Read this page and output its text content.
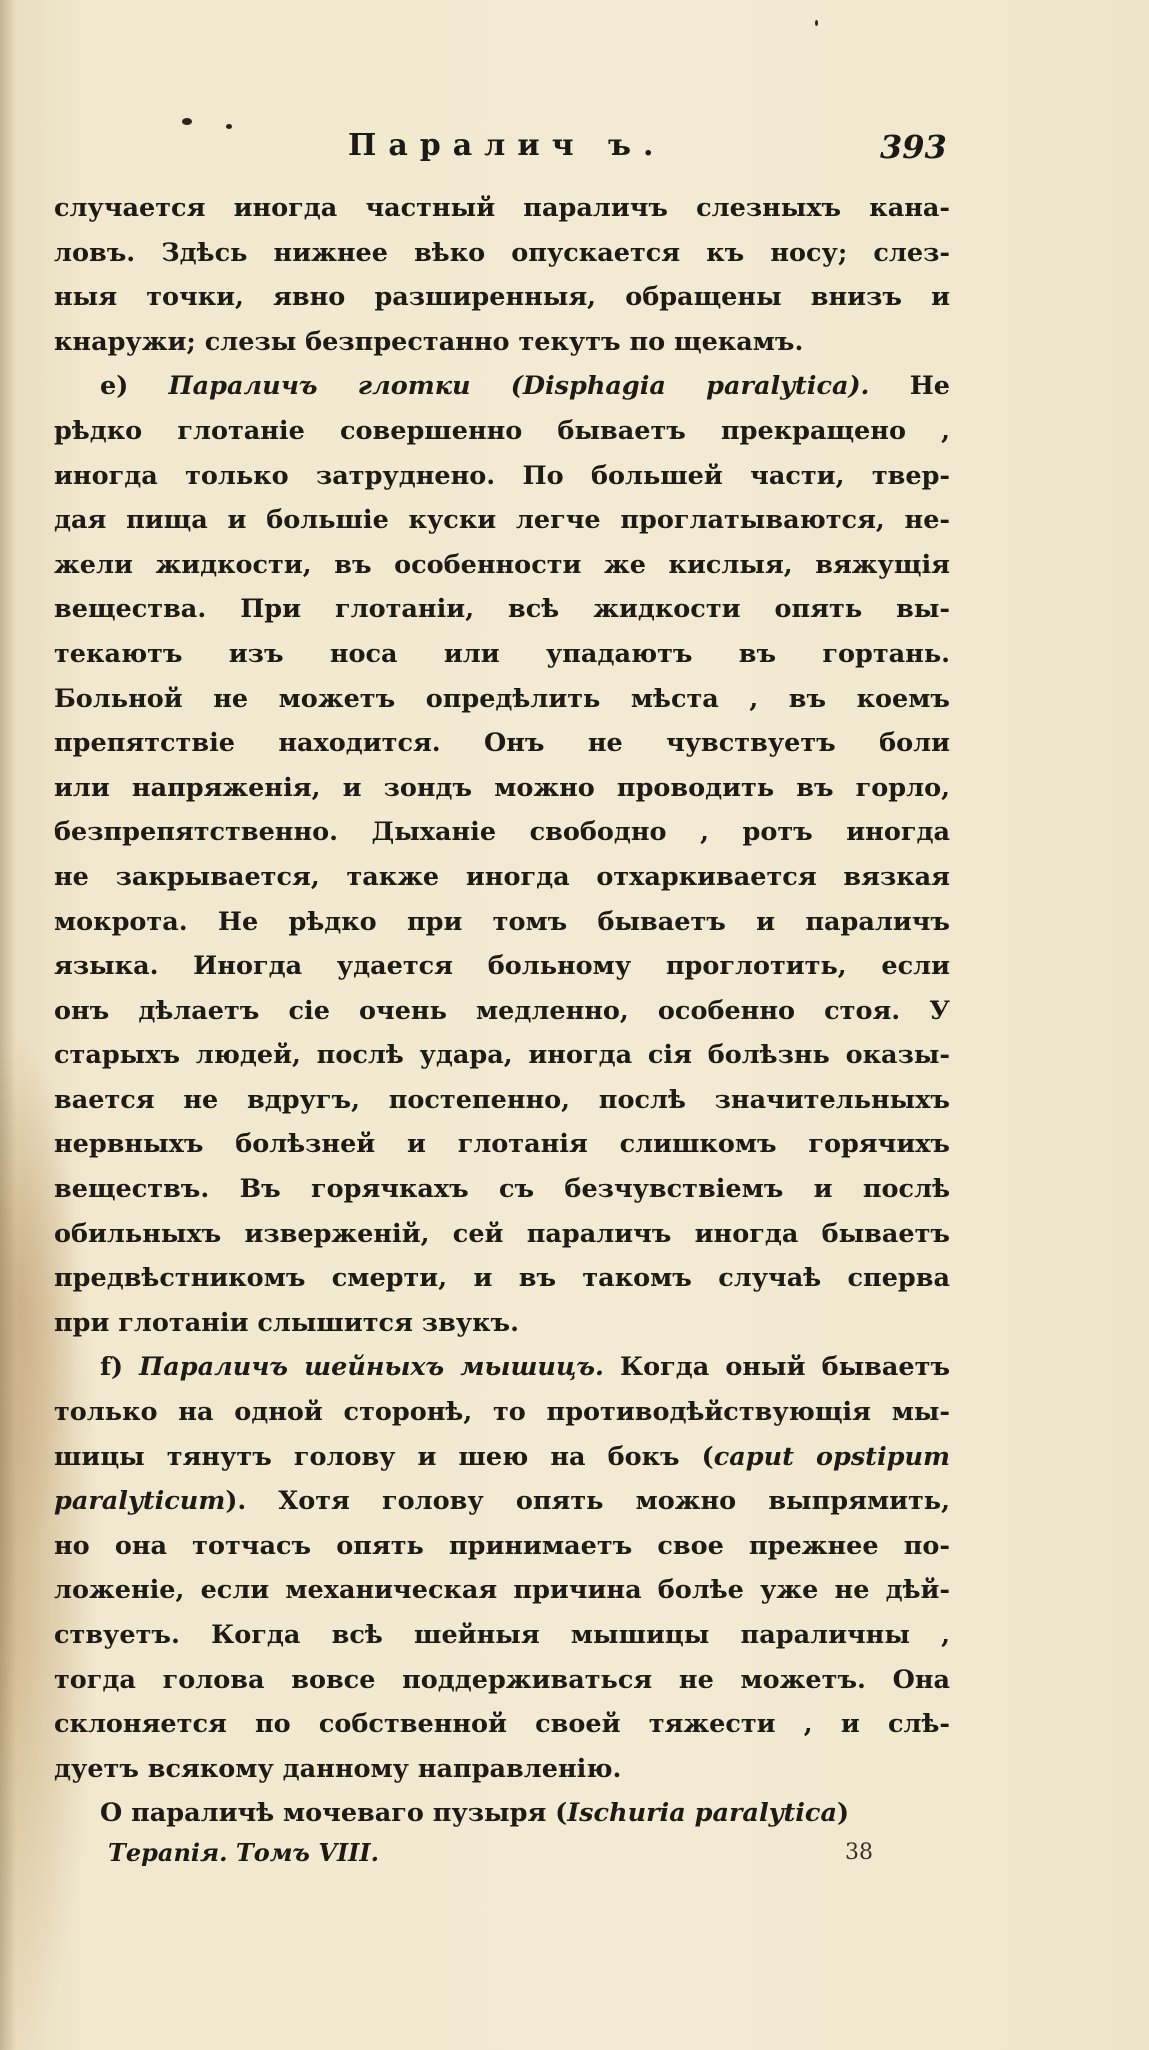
Паралич ъ.	393
случается иногда частный параличъ слезныхъ кана-
ловъ. Здѣсь нижнее вѣко опускается къ носу; слез-
ныя точки, явно разширенныя, обращены внизъ и
кнаружи; слезы безпрестанно текутъ по щекамъ.
е) Параличъ глотки (Disphagia paralytica). Не
рѣдко глотаніе совершенно бываетъ прекращено ,
иногда только затруднено. По большей части, твер-
дая пища и большіе куски легче проглатываются, не-
жели жидкости, въ особенности же кислыя, вяжущія
вещества. При глотаніи, всѣ жидкости опять вы-
текаютъ изъ носа или упадаютъ въ гортань.
Больной не можетъ опредѣлить мѣста , въ коемъ
препятствіе находится. Онъ не чувствуетъ боли
или напряженія, и зондъ можно проводить въ горло,
безпрепятственно. Дыханіе свободно , ротъ иногда
не закрывается, также иногда отхаркивается вязкая
мокрота. Не рѣдко при томъ бываетъ и параличъ
языка. Иногда удается больному проглотить, если
онъ дѣлаетъ сіе очень медленно, особенно стоя. У
старыхъ людей, послѣ удара, иногда сія болѣзнь оказы-
вается не вдругъ, постепенно, послѣ значительныхъ
нервныхъ болѣзней и глотанія слишкомъ горячихъ
веществъ. Въ горячкахъ съ безчувствіемъ и послѣ
обильныхъ изверженій, сей параличъ иногда бываетъ
предвѣстникомъ смерти, и въ такомъ случаѣ сперва
при глотаніи слышится звукъ.
f) Параличъ шейныхъ мышицъ. Когда оный бываетъ
только на одной сторонѣ, то противодѣйствующія мы-
шицы тянутъ голову и шею на бокъ (caput opstipum
paralyticum). Хотя голову опять можно выпрямить,
но она тотчасъ опять принимаетъ свое прежнее по-
ложеніе, если механическая причина болѣе уже не дѣй-
ствуетъ. Когда всѣ шейныя мышицы параличны ,
тогда голова вовсе поддерживаться не можетъ. Она
склоняется по собственной своей тяжести , и слѣ-
дуетъ всякому данному направленію.
О параличѣ мочеваго пузыря (Ischuria paralytica)
Терапія. Томъ VIII.	38
